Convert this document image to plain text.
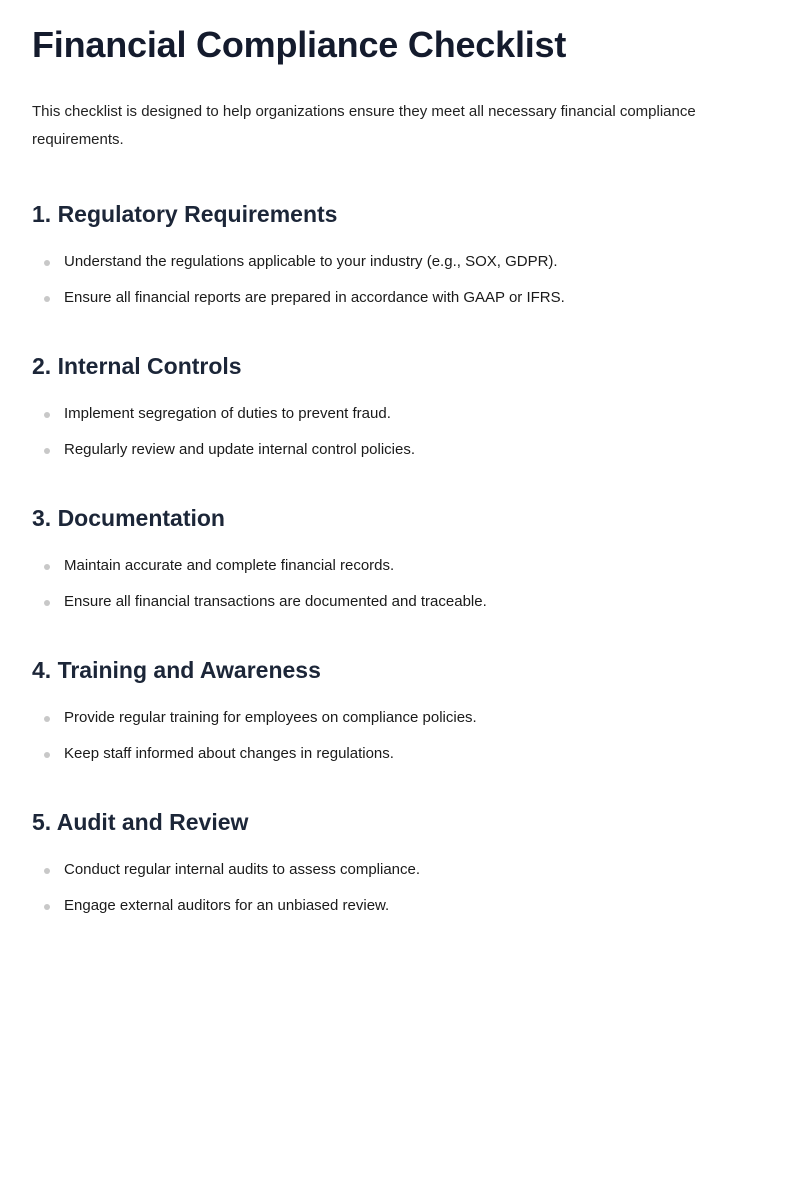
Financial Compliance Checklist

This checklist is designed to help organizations ensure they meet all necessary financial compliance requirements.

1. Regulatory Requirements
Understand the regulations applicable to your industry (e.g., SOX, GDPR).
Ensure all financial reports are prepared in accordance with GAAP or IFRS.
2. Internal Controls
Implement segregation of duties to prevent fraud.
Regularly review and update internal control policies.
3. Documentation
Maintain accurate and complete financial records.
Ensure all financial transactions are documented and traceable.
4. Training and Awareness
Provide regular training for employees on compliance policies.
Keep staff informed about changes in regulations.
5. Audit and Review
Conduct regular internal audits to assess compliance.
Engage external auditors for an unbiased review.
